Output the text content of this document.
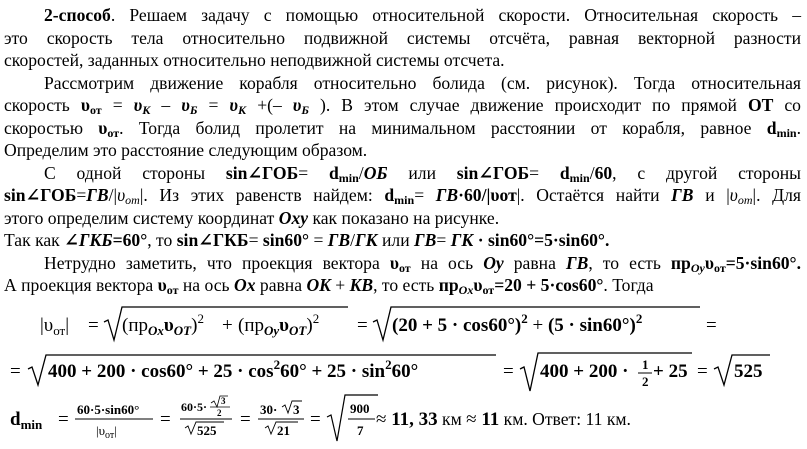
2-способ. Решаем задачу с помощью относительной скорости. Относительная скорость –
это скорость тела относительно подвижной системы отсчёта, равная векторной разности
скоростей, заданных относительно неподвижной системы отсчета.
Рассмотрим движение корабля относительно болида (см. рисунок). Тогда относительная
скорость υот = υК – υБ = υК +(– υБ ). В этом случае движение происходит по прямой ОТ со
скоростью υот. Тогда болид пролетит на минимальном расстоянии от корабля, равное dmin.
Определим это расстояние следующим образом.
С одной стороны sin∠ГОБ= dmin/ОБ или sin∠ГОБ= dmin/60, с другой стороны
sin∠ГОБ=ГВ/|υот|. Из этих равенств найдем: dmin= ГВ·60/|υот|. Остаётся найти ГВ и |υот|. Для
этого определим систему координат Oxy как показано на рисунке.
Так как ∠ГКБ=60°, то sin∠ГКБ= sin60° = ГВ/ГК или ГВ= ГК · sin60°=5·sin60°.
Нетрудно заметить, что проекция вектора υот на ось Oy равна ГВ, то есть прOyυот=5·sin60°.
А проекция вектора υот на ось Ox равна OK + KB, то есть прOxυот=20 + 5·cos60°. Тогда
$|\upsilon_{от}| = (пр_{Ox}\upsilon_{OT})^2 + (пр_{Oy}\upsilon_{OT})^2 = (20 + 5 \cdot \cos 60^\circ)^2 + (5 \cdot \sin 60^\circ)^2$	=
= $400 + 200 \cdot \cos 60^\circ + 25 \cdot \cos^260^\circ + 25 \cdot \sin^260^\circ$	= 400 + 200 · 1
2 + 25 = 525
$d_{min} = 60\cdot 5\cdot\sin 60^\circ$
$|\upsilon_{от}|$
=
60·5· 3
2
525
= 30· 3
21
=
900
7
≈ 11, 33 км ≈ 11 км. Ответ: 11 км.
